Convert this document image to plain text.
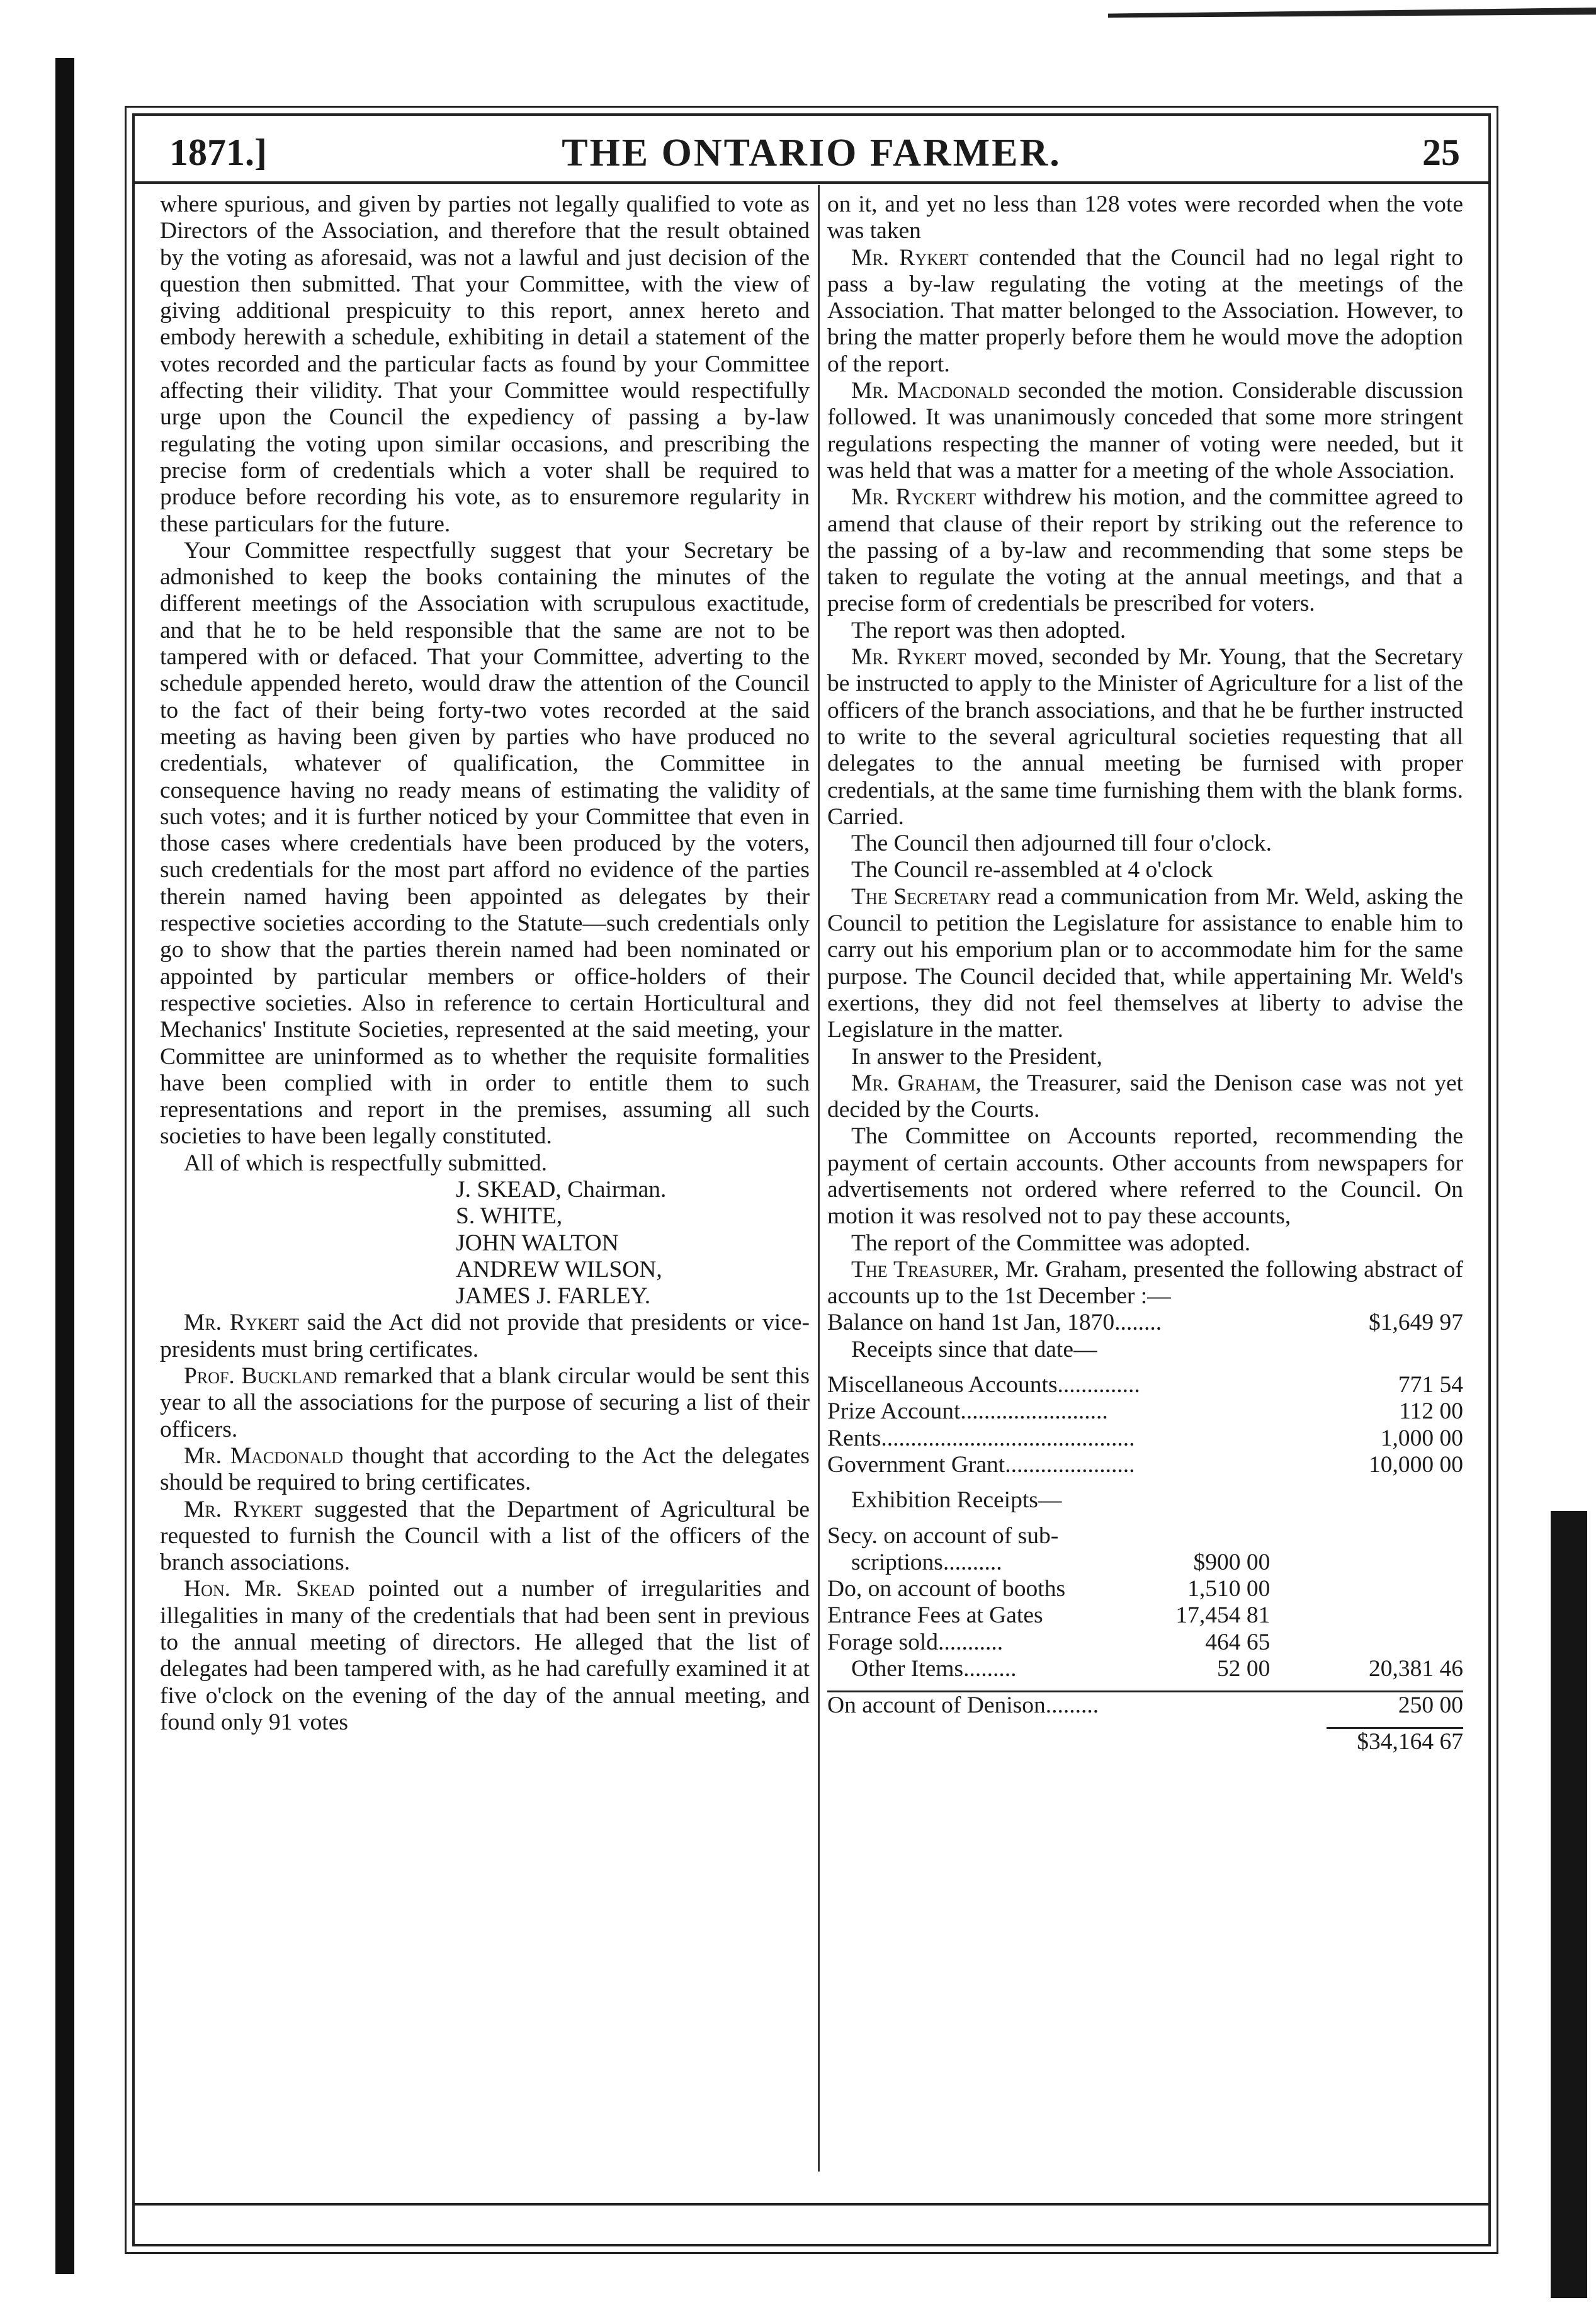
1871.]	THE ONTARIO FARMER.	25

where spurious, and given by parties not legally qualified to vote as Directors of the Association, and therefore that the result obtained by the voting as aforesaid, was not a lawful and just decision of the question then submitted. That your Committee, with the view of giving additional prespicuity to this report, annex hereto and embody herewith a schedule, exhibiting in detail a statement of the votes recorded and the particular facts as found by your Committee affecting their vilidity. That your Committee would respectifully urge upon the Council the expediency of passing a by-law regulating the voting upon similar occasions, and prescribing the precise form of credentials which a voter shall be required to produce before recording his vote, as to ensuremore regularity in these particulars for the future.

Your Committee respectfully suggest that your Secretary be admonished to keep the books containing the minutes of the different meetings of the Association with scrupulous exactitude, and that he to be held responsible that the same are not to be tampered with or defaced. That your Committee, adverting to the schedule appended hereto, would draw the attention of the Council to the fact of their being forty-two votes recorded at the said meeting as having been given by parties who have produced no credentials, whatever of qualification, the Committee in consequence having no ready means of estimating the validity of such votes; and it is further noticed by your Committee that even in those cases where credentials have been produced by the voters, such credentials for the most part afford no evidence of the parties therein named having been appointed as delegates by their respective societies according to the Statute—such credentials only go to show that the parties therein named had been nominated or appointed by particular members or office-holders of their respective societies. Also in reference to certain Horticultural and Mechanics' Institute Societies, represented at the said meeting, your Committee are uninformed as to whether the requisite formalities have been complied with in order to entitle them to such representations and report in the premises, assuming all such societies to have been legally constituted.

All of which is respectfully submitted.

J. SKEAD, Chairman.

S. WHITE,

JOHN WALTON

ANDREW WILSON,

JAMES J. FARLEY.

Mr. Rykert said the Act did not provide that presidents or vice-presidents must bring certificates.

Prof. Buckland remarked that a blank circular would be sent this year to all the associations for the purpose of securing a list of their officers.

Mr. Macdonald thought that according to the Act the delegates should be required to bring certificates.

Mr. Rykert suggested that the Department of Agricultural be requested to furnish the Council with a list of the officers of the branch associations.

Hon. Mr. Skead pointed out a number of irregularities and illegalities in many of the credentials that had been sent in previous to the annual meeting of directors. He alleged that the list of delegates had been tampered with, as he had carefully examined it at five o'clock on the evening of the day of the annual meeting, and found only 91 votes

on it, and yet no less than 128 votes were recorded when the vote was taken

Mr. Rykert contended that the Council had no legal right to pass a by-law regulating the voting at the meetings of the Association. That matter belonged to the Association. However, to bring the matter properly before them he would move the adoption of the report.

Mr. Macdonald seconded the motion. Considerable discussion followed. It was unanimously conceded that some more stringent regulations respecting the manner of voting were needed, but it was held that was a matter for a meeting of the whole Association.

Mr. Ryckert withdrew his motion, and the committee agreed to amend that clause of their report by striking out the reference to the passing of a by-law and recommending that some steps be taken to regulate the voting at the annual meetings, and that a precise form of credentials be prescribed for voters.

The report was then adopted.

Mr. Rykert moved, seconded by Mr. Young, that the Secretary be instructed to apply to the Minister of Agriculture for a list of the officers of the branch associations, and that he be further instructed to write to the several agricultural societies requesting that all delegates to the annual meeting be furnised with proper credentials, at the same time furnishing them with the blank forms. Carried.

The Council then adjourned till four o'clock.

The Council re-assembled at 4 o'clock

The Secretary read a communication from Mr. Weld, asking the Council to petition the Legislature for assistance to enable him to carry out his emporium plan or to accommodate him for the same purpose. The Council decided that, while appertaining Mr. Weld's exertions, they did not feel themselves at liberty to advise the Legislature in the matter.

In answer to the President,

Mr. Graham, the Treasurer, said the Denison case was not yet decided by the Courts.

The Committee on Accounts reported, recommending the payment of certain accounts. Other accounts from newspapers for advertisements not ordered where referred to the Council. On motion it was resolved not to pay these accounts,

The report of the Committee was adopted.

The Treasurer, Mr. Graham, presented the following abstract of accounts up to the 1st December :—

Balance on hand 1st Jan, 1870........		$1,649 97
Receipts since that date—		

Miscellaneous Accounts..............		771 54
Prize Account.........................		112 00
Rents...........................................		1,000 00
Government Grant......................		10,000 00

Exhibition Receipts—		

Secy. on account of sub-		
scriptions..........	$900 00	
Do, on account of booths	1,510 00	
Entrance Fees at Gates	17,454 81	
Forage sold...........	464 65	
Other Items.........	52 00	20,381 46

On account of Denison.........		250 00

		$34,164 67
